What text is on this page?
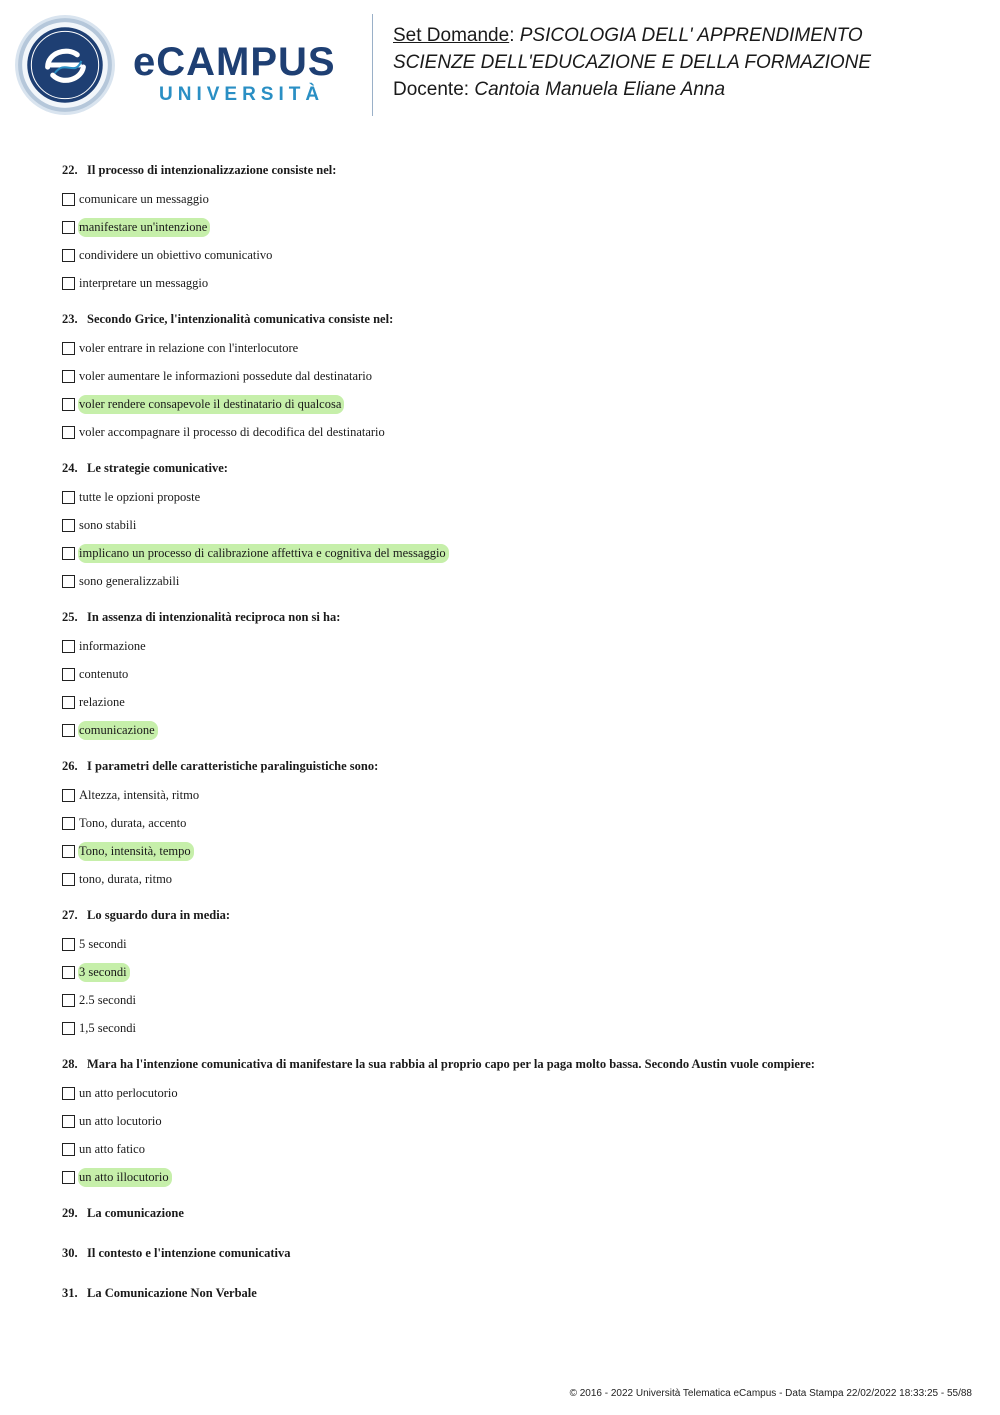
eCAMPUS
UNIVERSITÀ
Set Domande: PSICOLOGIA DELL' APPRENDIMENTO
SCIENZE DELL'EDUCAZIONE E DELLA FORMAZIONE
Docente: Cantoia Manuela Eliane Anna
22. Il processo di intenzionalizzazione consiste nel:
comunicare un messaggio
manifestare un'intenzione
condividere un obiettivo comunicativo
interpretare un messaggio
23. Secondo Grice, l'intenzionalità comunicativa consiste nel:
voler entrare in relazione con l'interlocutore
voler aumentare le informazioni possedute dal destinatario
voler rendere consapevole il destinatario di qualcosa
voler accompagnare il processo di decodifica del destinatario
24. Le strategie comunicative:
tutte le opzioni proposte
sono stabili
implicano un processo di calibrazione affettiva e cognitiva del messaggio
sono generalizzabili
25. In assenza di intenzionalità reciproca non si ha:
informazione
contenuto
relazione
comunicazione
26. I parametri delle caratteristiche paralinguistiche sono:
Altezza, intensità, ritmo
Tono, durata, accento
Tono, intensità, tempo
tono, durata, ritmo
27. Lo sguardo dura in media:
5 secondi
3 secondi
2.5 secondi
1,5 secondi
28. Mara ha l'intenzione comunicativa di manifestare la sua rabbia al proprio capo per la paga molto bassa. Secondo Austin vuole compiere:
un atto perlocutorio
un atto locutorio
un atto fatico
un atto illocutorio
29. La comunicazione
30. Il contesto e l'intenzione comunicativa
31. La Comunicazione Non Verbale
© 2016 - 2022 Università Telematica eCampus - Data Stampa 22/02/2022 18:33:25 - 55/88
